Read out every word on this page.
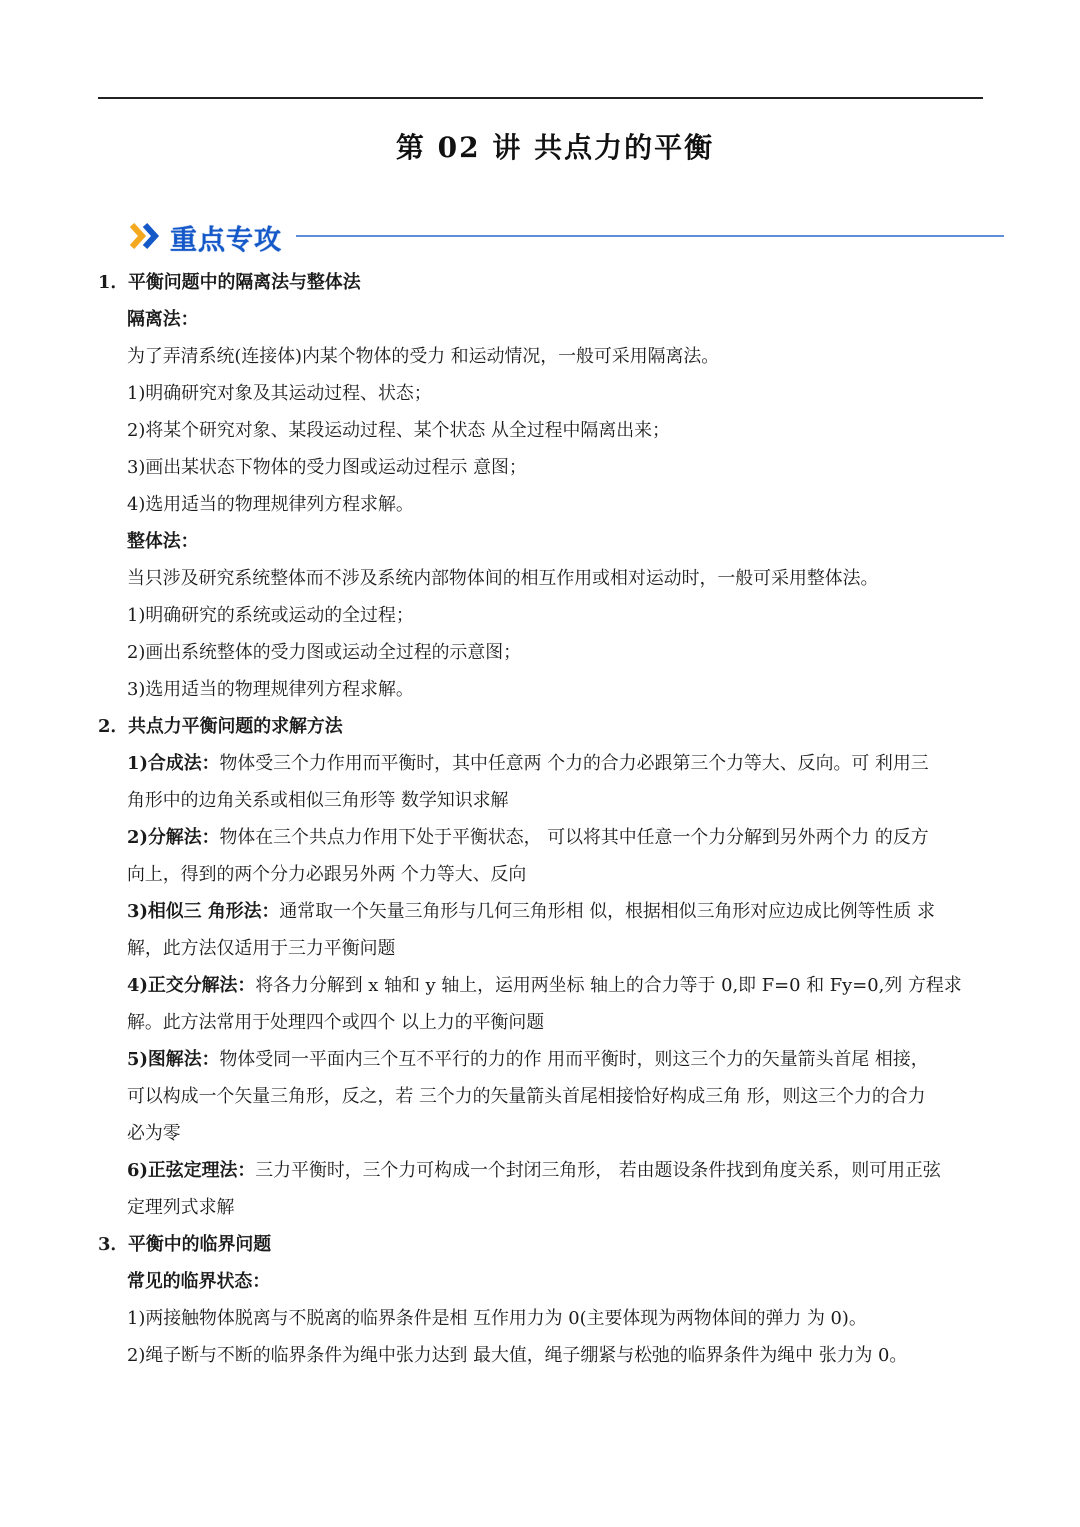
第 02 讲 共点力的平衡
重点专攻
1．平衡问题中的隔离法与整体法
隔离法：
为了弄清系统(连接体)内某个物体的受力 和运动情况，一般可采用隔离法。
1)明确研究对象及其运动过程、状态；
2)将某个研究对象、某段运动过程、某个状态 从全过程中隔离出来；
3)画出某状态下物体的受力图或运动过程示 意图；
4)选用适当的物理规律列方程求解。
整体法：
当只涉及研究系统整体而不涉及系统内部物体间的相互作用或相对运动时，一般可采用整体法。
1)明确研究的系统或运动的全过程；
2)画出系统整体的受力图或运动全过程的示意图；
3)选用适当的物理规律列方程求解。
2．共点力平衡问题的求解方法
1)合成法：物体受三个力作用而平衡时，其中任意两 个力的合力必跟第三个力等大、反向。可 利用三
角形中的边角关系或相似三角形等 数学知识求解
2)分解法：物体在三个共点力作用下处于平衡状态， 可以将其中任意一个力分解到另外两个力 的反方
向上，得到的两个分力必跟另外两 个力等大、反向
3)相似三 角形法：通常取一个矢量三角形与几何三角形相 似，根据相似三角形对应边成比例等性质 求
解，此方法仅适用于三力平衡问题
4)正交分解法：将各力分解到 x 轴和 y 轴上，运用两坐标 轴上的合力等于 0,即 F=0 和 Fy=0,列 方程求
解。此方法常用于处理四个或四个 以上力的平衡问题
5)图解法：物体受同一平面内三个互不平行的力的作 用而平衡时，则这三个力的矢量箭头首尾 相接，
可以构成一个矢量三角形，反之，若 三个力的矢量箭头首尾相接恰好构成三角 形，则这三个力的合力
必为零
6)正弦定理法：三力平衡时，三个力可构成一个封闭三角形， 若由题设条件找到角度关系，则可用正弦
定理列式求解
3．平衡中的临界问题
常见的临界状态：
1)两接触物体脱离与不脱离的临界条件是相 互作用力为 0(主要体现为两物体间的弹力 为 0)。
2)绳子断与不断的临界条件为绳中张力达到 最大值，绳子绷紧与松弛的临界条件为绳中 张力为 0。
